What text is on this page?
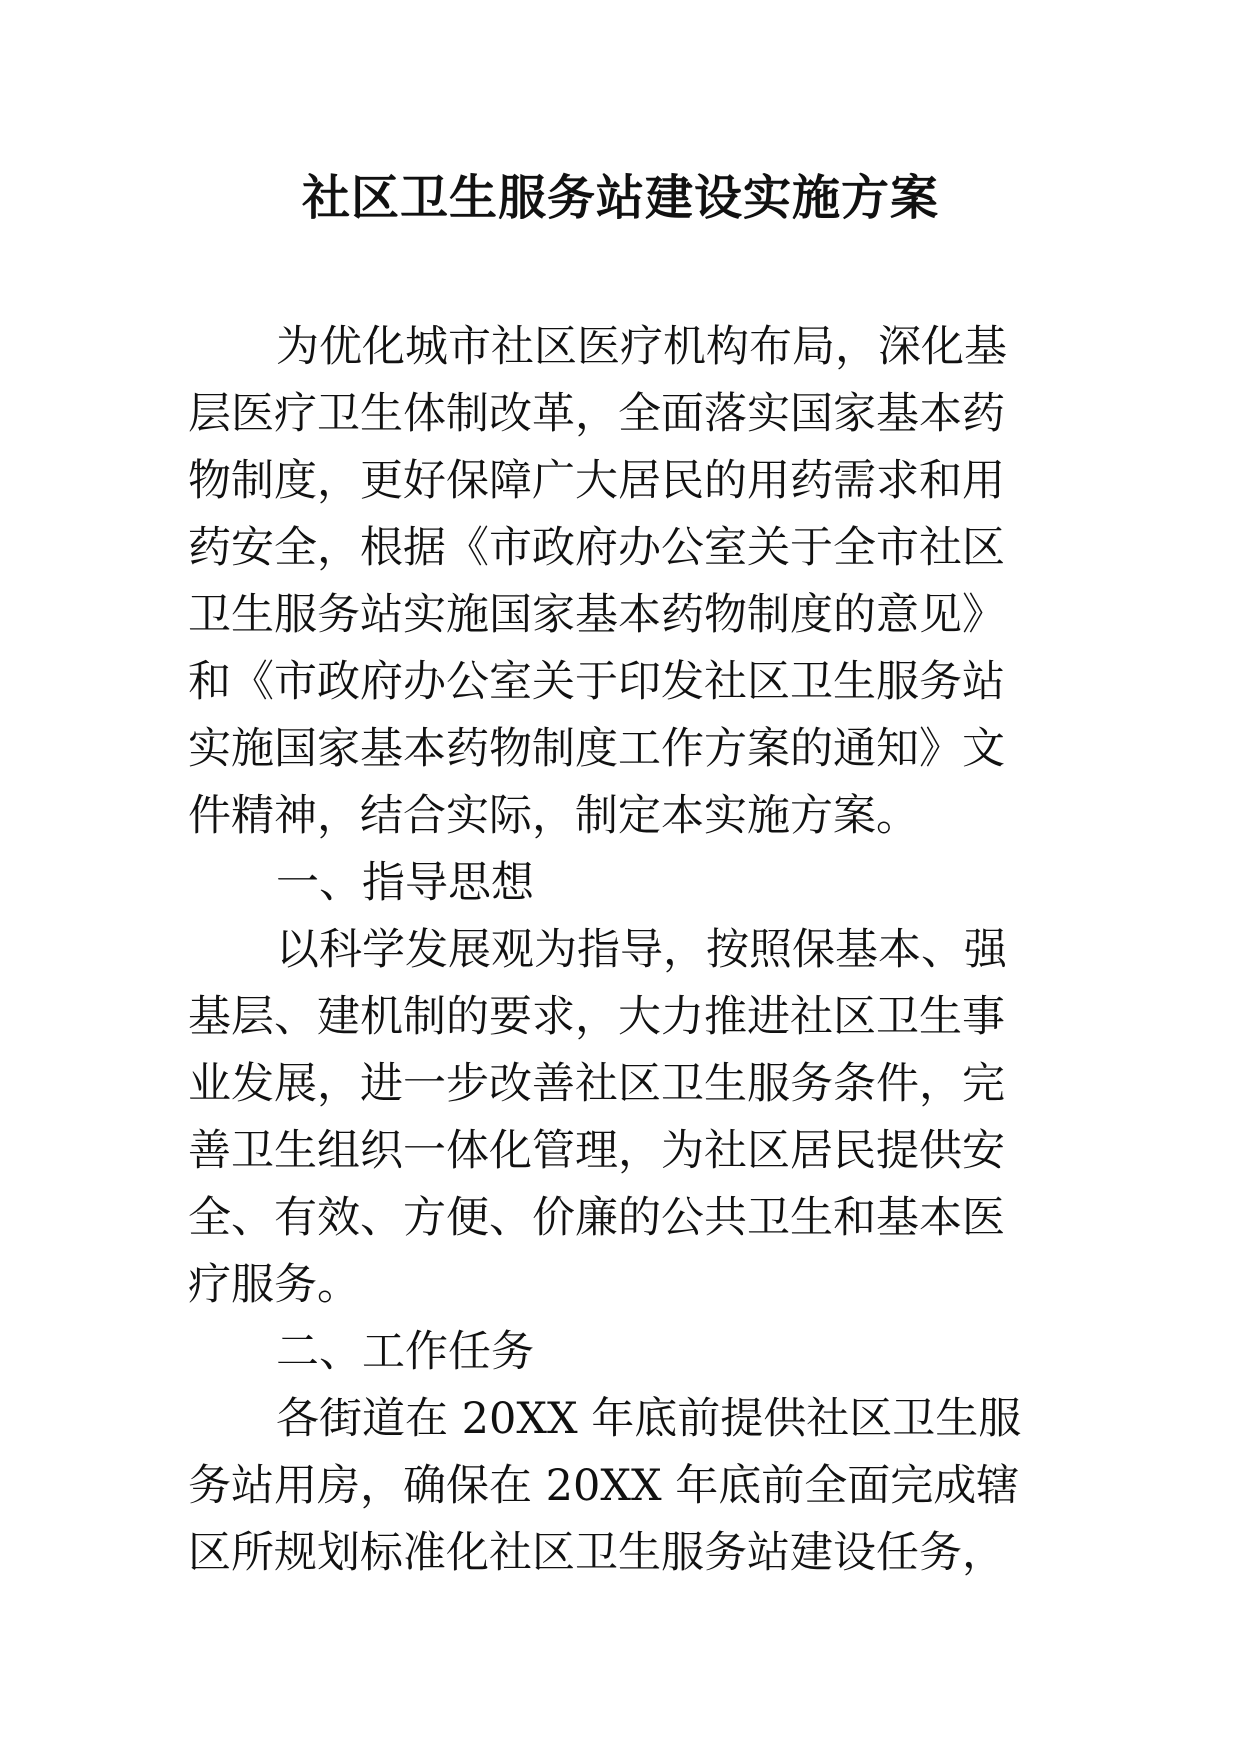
社区卫生服务站建设实施方案
为优化城市社区医疗机构布局，深化基
层医疗卫生体制改革，全面落实国家基本药
物制度，更好保障广大居民的用药需求和用
药安全，根据《市政府办公室关于全市社区
卫生服务站实施国家基本药物制度的意见》
和《市政府办公室关于印发社区卫生服务站
实施国家基本药物制度工作方案的通知》文
件精神，结合实际，制定本实施方案。
一、指导思想
以科学发展观为指导，按照保基本、强
基层、建机制的要求，大力推进社区卫生事
业发展，进一步改善社区卫生服务条件，完
善卫生组织一体化管理，为社区居民提供安
全、有效、方便、价廉的公共卫生和基本医
疗服务。
二、工作任务
各街道在 20XX 年底前提供社区卫生服
务站用房，确保在 20XX 年底前全面完成辖
区所规划标准化社区卫生服务站建设任务，
